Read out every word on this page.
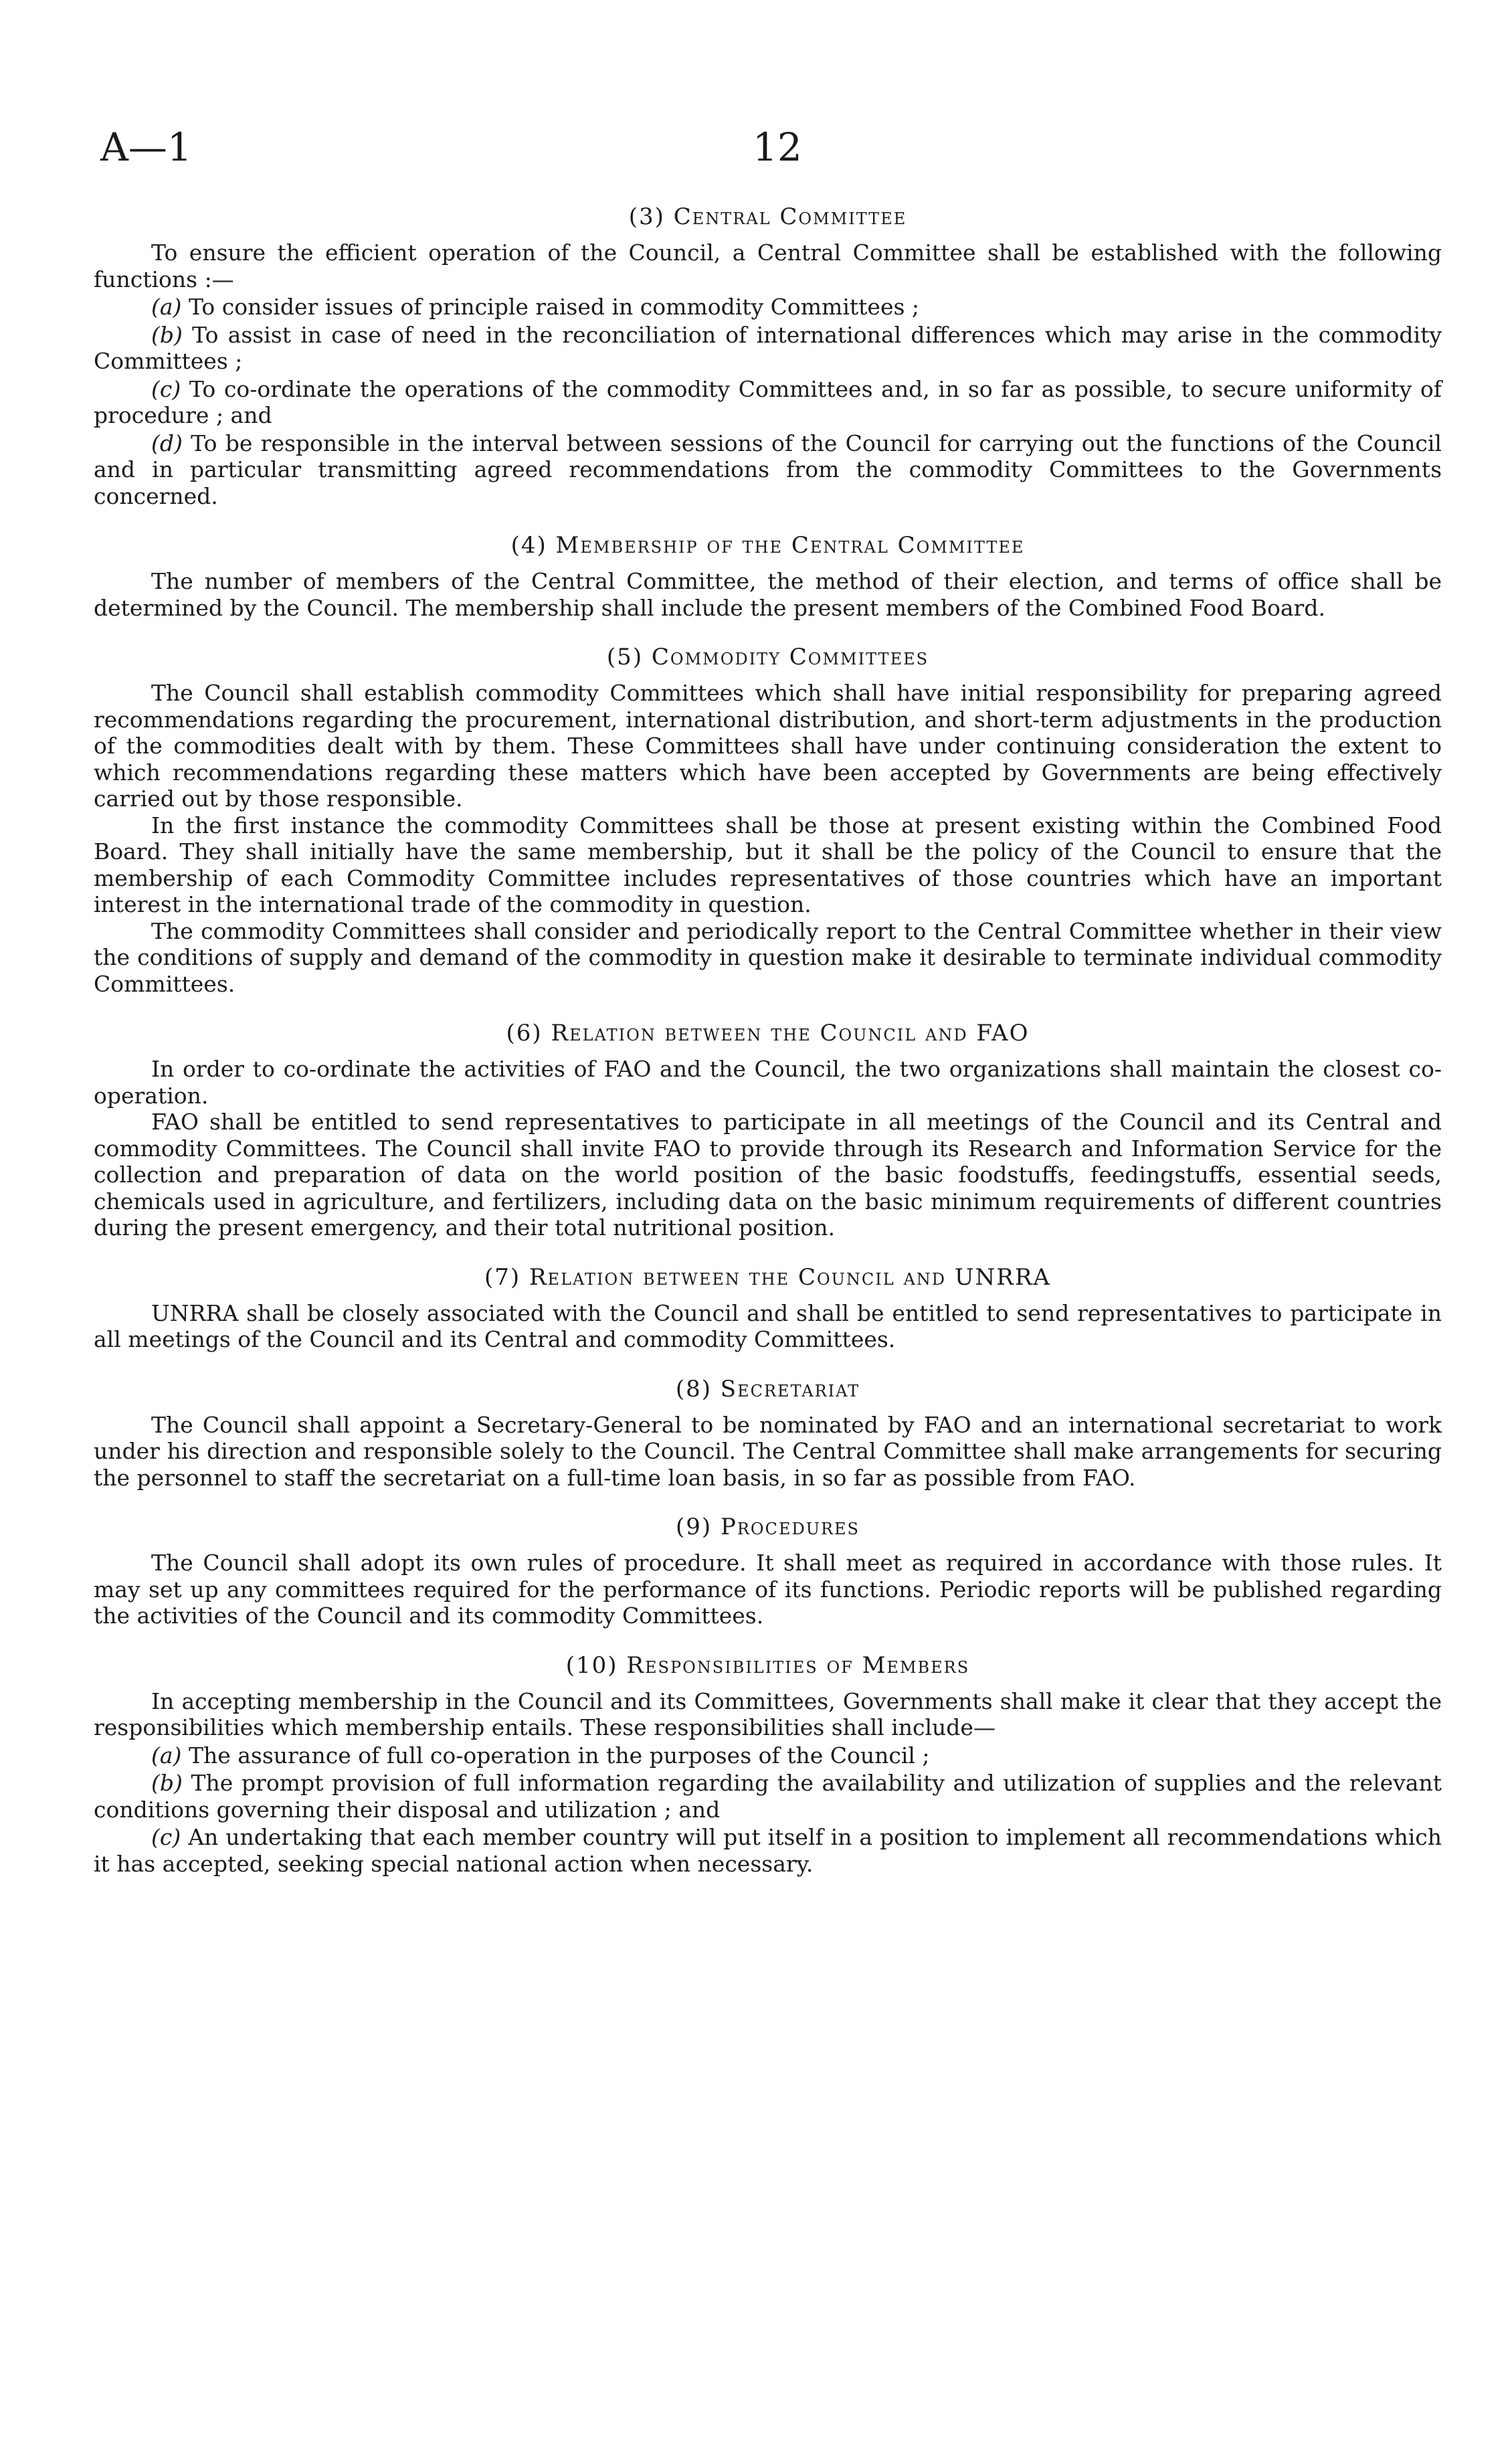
A—1	12
(3) Central Committee

To ensure the efficient operation of the Council, a Central Committee shall be established with the following functions :—

(a) To consider issues of principle raised in commodity Committees ;

(b) To assist in case of need in the reconciliation of international differences which may arise in the commodity Committees ;

(c) To co-ordinate the operations of the commodity Committees and, in so far as possible, to secure uniformity of procedure ; and

(d) To be responsible in the interval between sessions of the Council for carrying out the functions of the Council and in particular transmitting agreed recommendations from the commodity Committees to the Governments concerned.

(4) Membership of the Central Committee

The number of members of the Central Committee, the method of their election, and terms of office shall be determined by the Council. The membership shall include the present members of the Combined Food Board.

(5) Commodity Committees

The Council shall establish commodity Committees which shall have initial responsibility for preparing agreed recommendations regarding the procurement, international distribution, and short-term adjustments in the production of the commodities dealt with by them. These Committees shall have under continuing consideration the extent to which recommendations regarding these matters which have been accepted by Governments are being effectively carried out by those responsible.

In the first instance the commodity Committees shall be those at present existing within the Combined Food Board. They shall initially have the same membership, but it shall be the policy of the Council to ensure that the membership of each Commodity Committee includes representatives of those countries which have an important interest in the international trade of the commodity in question.

The commodity Committees shall consider and periodically report to the Central Committee whether in their view the conditions of supply and demand of the commodity in question make it desirable to terminate individual commodity Committees.

(6) Relation between the Council and FAO

In order to co-ordinate the activities of FAO and the Council, the two organizations shall maintain the closest co-operation.

FAO shall be entitled to send representatives to participate in all meetings of the Council and its Central and commodity Committees. The Council shall invite FAO to provide through its Research and Information Service for the collection and preparation of data on the world position of the basic foodstuffs, feedingstuffs, essential seeds, chemicals used in agriculture, and fertilizers, including data on the basic minimum requirements of different countries during the present emergency, and their total nutritional position.

(7) Relation between the Council and UNRRA

UNRRA shall be closely associated with the Council and shall be entitled to send representatives to participate in all meetings of the Council and its Central and commodity Committees.

(8) Secretariat

The Council shall appoint a Secretary-General to be nominated by FAO and an international secretariat to work under his direction and responsible solely to the Council. The Central Committee shall make arrangements for securing the personnel to staff the secretariat on a full-time loan basis, in so far as possible from FAO.

(9) Procedures

The Council shall adopt its own rules of procedure. It shall meet as required in accordance with those rules. It may set up any committees required for the performance of its functions. Periodic reports will be published regarding the activities of the Council and its commodity Committees.

(10) Responsibilities of Members

In accepting membership in the Council and its Committees, Governments shall make it clear that they accept the responsibilities which membership entails. These responsibilities shall include—

(a) The assurance of full co-operation in the purposes of the Council ;

(b) The prompt provision of full information regarding the availability and utilization of supplies and the relevant conditions governing their disposal and utilization ; and

(c) An undertaking that each member country will put itself in a position to implement all recommendations which it has accepted, seeking special national action when necessary.
